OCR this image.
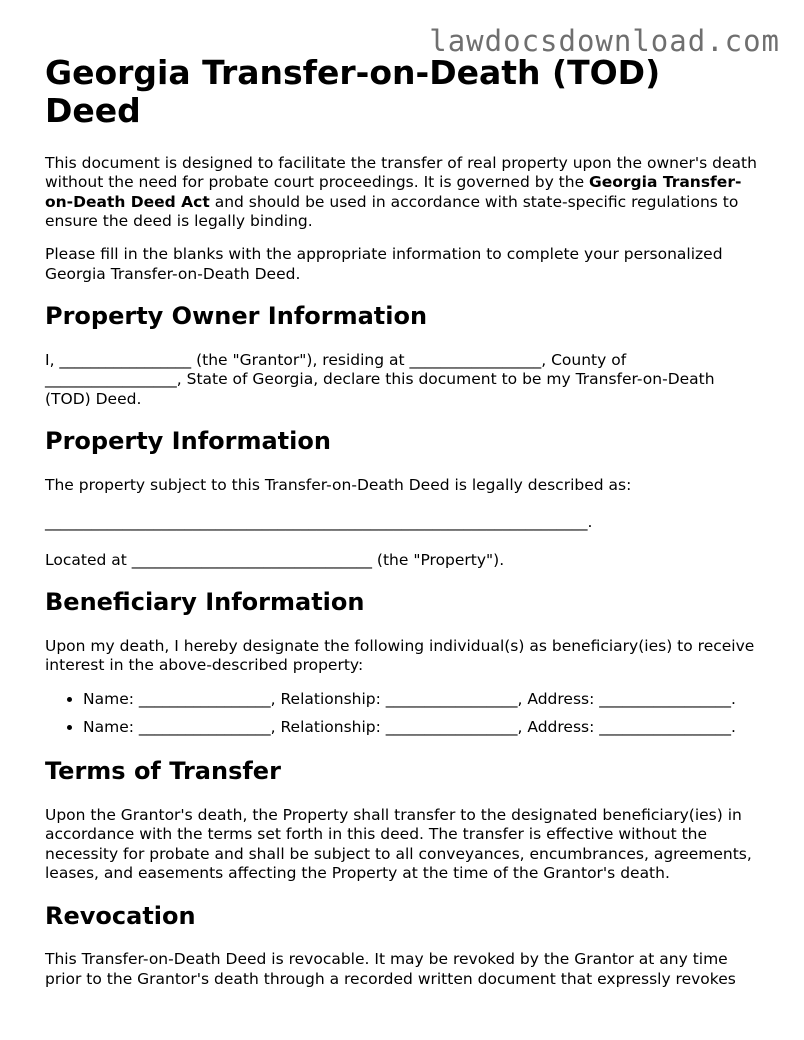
lawdocsdownload.com
Georgia Transfer-on-Death (TOD) Deed

This document is designed to facilitate the transfer of real property upon the owner's death without the need for probate court proceedings. It is governed by the Georgia Transfer-on-Death Deed Act and should be used in accordance with state-specific regulations to ensure the deed is legally binding.

Please fill in the blanks with the appropriate information to complete your personalized Georgia Transfer-on-Death Deed.

Property Owner Information

I, _________________ (the "Grantor"), residing at _________________, County of _________________, State of Georgia, declare this document to be my Transfer-on-Death (TOD) Deed.

Property Information

The property subject to this Transfer-on-Death Deed is legally described as:

______________________________________________________________________.

Located at _______________________________ (the "Property").

Beneficiary Information

Upon my death, I hereby designate the following individual(s) as beneficiary(ies) to receive interest in the above-described property:

• Name: _________________, Relationship: _________________, Address: _________________.
• Name: _________________, Relationship: _________________, Address: _________________.
Terms of Transfer

Upon the Grantor's death, the Property shall transfer to the designated beneficiary(ies) in accordance with the terms set forth in this deed. The transfer is effective without the necessity for probate and shall be subject to all conveyances, encumbrances, agreements, leases, and easements affecting the Property at the time of the Grantor's death.

Revocation

This Transfer-on-Death Deed is revocable. It may be revoked by the Grantor at any time prior to the Grantor's death through a recorded written document that expressly revokes
